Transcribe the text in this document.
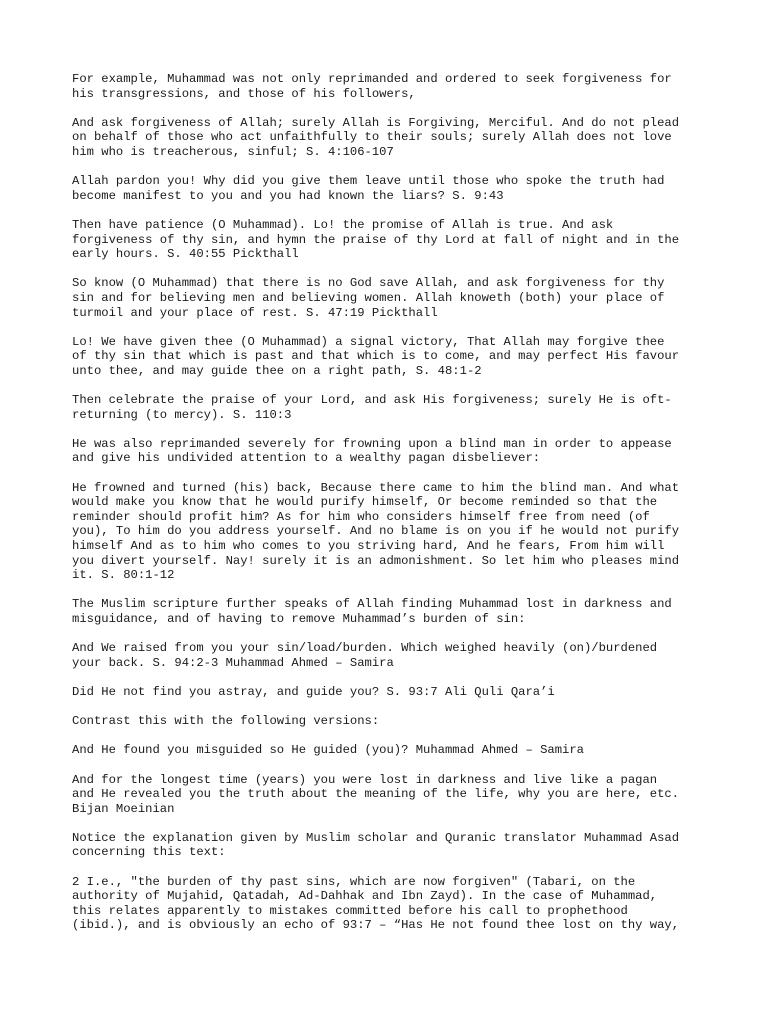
For example, Muhammad was not only reprimanded and ordered to seek forgiveness for
his transgressions, and those of his followers,

And ask forgiveness of Allah; surely Allah is Forgiving, Merciful. And do not plead
on behalf of those who act unfaithfully to their souls; surely Allah does not love
him who is treacherous, sinful; S. 4:106-107

Allah pardon you! Why did you give them leave until those who spoke the truth had
become manifest to you and you had known the liars? S. 9:43

Then have patience (O Muhammad). Lo! the promise of Allah is true. And ask
forgiveness of thy sin, and hymn the praise of thy Lord at fall of night and in the
early hours. S. 40:55 Pickthall

So know (O Muhammad) that there is no God save Allah, and ask forgiveness for thy
sin and for believing men and believing women. Allah knoweth (both) your place of
turmoil and your place of rest. S. 47:19 Pickthall

Lo! We have given thee (O Muhammad) a signal victory, That Allah may forgive thee
of thy sin that which is past and that which is to come, and may perfect His favour
unto thee, and may guide thee on a right path, S. 48:1-2

Then celebrate the praise of your Lord, and ask His forgiveness; surely He is oft-
returning (to mercy). S. 110:3

He was also reprimanded severely for frowning upon a blind man in order to appease
and give his undivided attention to a wealthy pagan disbeliever:

He frowned and turned (his) back, Because there came to him the blind man. And what
would make you know that he would purify himself, Or become reminded so that the
reminder should profit him? As for him who considers himself free from need (of
you), To him do you address yourself. And no blame is on you if he would not purify
himself And as to him who comes to you striving hard, And he fears, From him will
you divert yourself. Nay! surely it is an admonishment. So let him who pleases mind
it. S. 80:1-12

The Muslim scripture further speaks of Allah finding Muhammad lost in darkness and
misguidance, and of having to remove Muhammad’s burden of sin:

And We raised from you your sin/load/burden. Which weighed heavily (on)/burdened
your back. S. 94:2-3 Muhammad Ahmed – Samira

Did He not find you astray, and guide you? S. 93:7 Ali Quli Qara’i

Contrast this with the following versions:

And He found you misguided so He guided (you)? Muhammad Ahmed – Samira

And for the longest time (years) you were lost in darkness and live like a pagan
and He revealed you the truth about the meaning of the life, why you are here, etc.
Bijan Moeinian

Notice the explanation given by Muslim scholar and Quranic translator Muhammad Asad
concerning this text:

2 I.e., "the burden of thy past sins, which are now forgiven" (Tabari, on the
authority of Mujahid, Qatadah, Ad-Dahhak and Ibn Zayd). In the case of Muhammad,
this relates apparently to mistakes committed before his call to prophethood
(ibid.), and is obviously an echo of 93:7 – “Has He not found thee lost on thy way,
